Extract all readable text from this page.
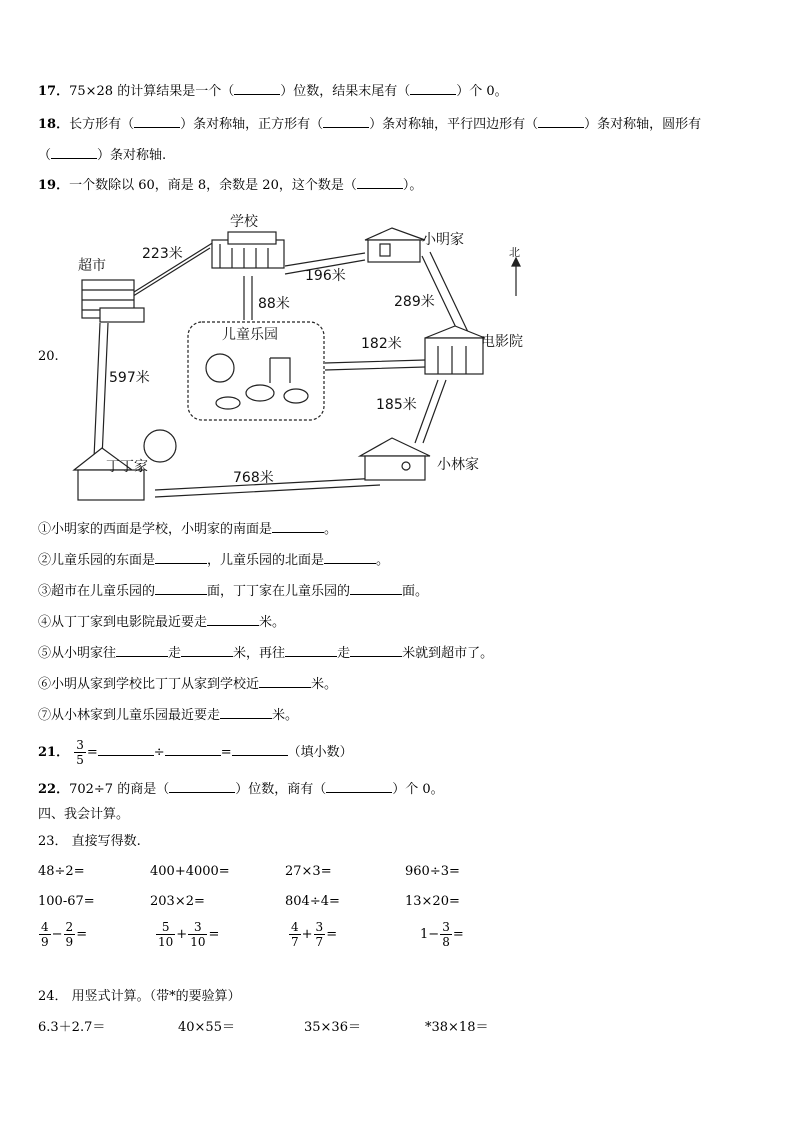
17．75×28 的计算结果是一个（	）位数，结果末尾有（	）个 0。
18．长方形有（	）条对称轴，正方形有（	）条对称轴，平行四边形有（	）条对称轴，圆形有
（	）条对称轴.
19．一个数除以 60，商是 8，余数是 20，这个数是（	）。
20.
学校
超市
小明家
北
儿童乐园	电影院
丁丁家	小林家
223米
196米
88米	289米
182米
185米
597米
768米
①小明家的西面是学校，小明家的南面是	。
②儿童乐园的东面是	，儿童乐园的北面是	。
③超市在儿童乐园的	面，丁丁家在儿童乐园的	面。
④从丁丁家到电影院最近要走	米。
⑤从小明家往	走	米，再往	走	米就到超市了。
⑥小明从家到学校比丁丁从家到学校近	米。
⑦从小林家到儿童乐园最近要走	米。
21． $\frac{3}{5}$ =	÷	=	（填小数）
22．702÷7 的商是（	）位数，商有（	）个 0。
四、我会计算。
23． 直接写得数.
48÷2=	400+4000=	27×3=	960÷3=
100-67=	203×2=	804÷4=	13×20=
$\frac{4}{9} - \frac{2}{9}$ =	$\frac{5}{10} + \frac{3}{10}$ =	$\frac{4}{7} + \frac{3}{7}$ =	$1- \frac{3}{8}$ =
24． 用竖式计算。（带*的要验算）
6.3＋2.7＝	40×55＝	35×36＝	*38×18＝
